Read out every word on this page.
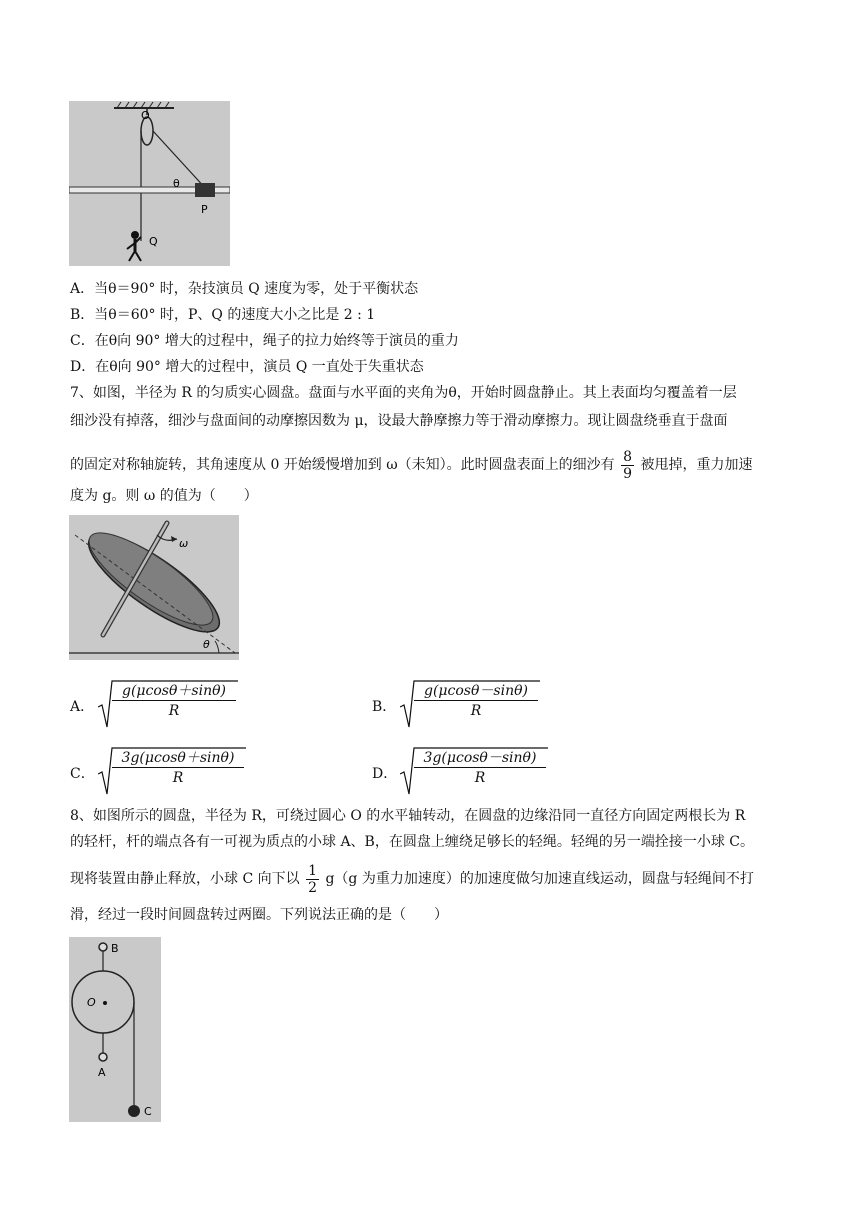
O
θ
P
Q
A．当θ＝90° 时，杂技演员 Q 速度为零，处于平衡状态
B．当θ＝60° 时，P、Q 的速度大小之比是 2 : 1
C．在θ向 90° 增大的过程中，绳子的拉力始终等于演员的重力
D．在θ向 90° 增大的过程中，演员 Q 一直处于失重状态
7、如图，半径为 R 的匀质实心圆盘。盘面与水平面的夹角为θ，开始时圆盘静止。其上表面均匀覆盖着一层
细沙没有掉落，细沙与盘面间的动摩擦因数为 μ，设最大静摩擦力等于滑动摩擦力。现让圆盘绕垂直于盘面
的固定对称轴旋转，其角速度从 0 开始缓慢增加到 ω（未知）。此时圆盘表面上的细沙有 $\frac{8}{9}$ 被甩掉，重力加速
度为 g。则 ω 的值为（　　）
ω
θ
A． $\frac{g(\mu\cos\theta+\sin\theta)}{R}$	B． $\frac{g(\mu\cos\theta-\sin\theta)}{R}$
C． $\frac{3g(\mu\cos\theta+\sin\theta)}{R}$	D． $\frac{3g(\mu\cos\theta-\sin\theta)}{R}$
8、如图所示的圆盘，半径为 R，可绕过圆心 O 的水平轴转动，在圆盘的边缘沿同一直径方向固定两根长为 R
的轻杆，杆的端点各有一可视为质点的小球 A、B，在圆盘上缠绕足够长的轻绳。轻绳的另一端拴接一小球 C。
现将装置由静止释放，小球 C 向下以 $\frac{1}{2} g(g$ 为重力加速度）的加速度做匀加速直线运动，圆盘与轻绳间不打
滑，经过一段时间圆盘转过两圈。下列说法正确的是（　　）
B
O
A
C
